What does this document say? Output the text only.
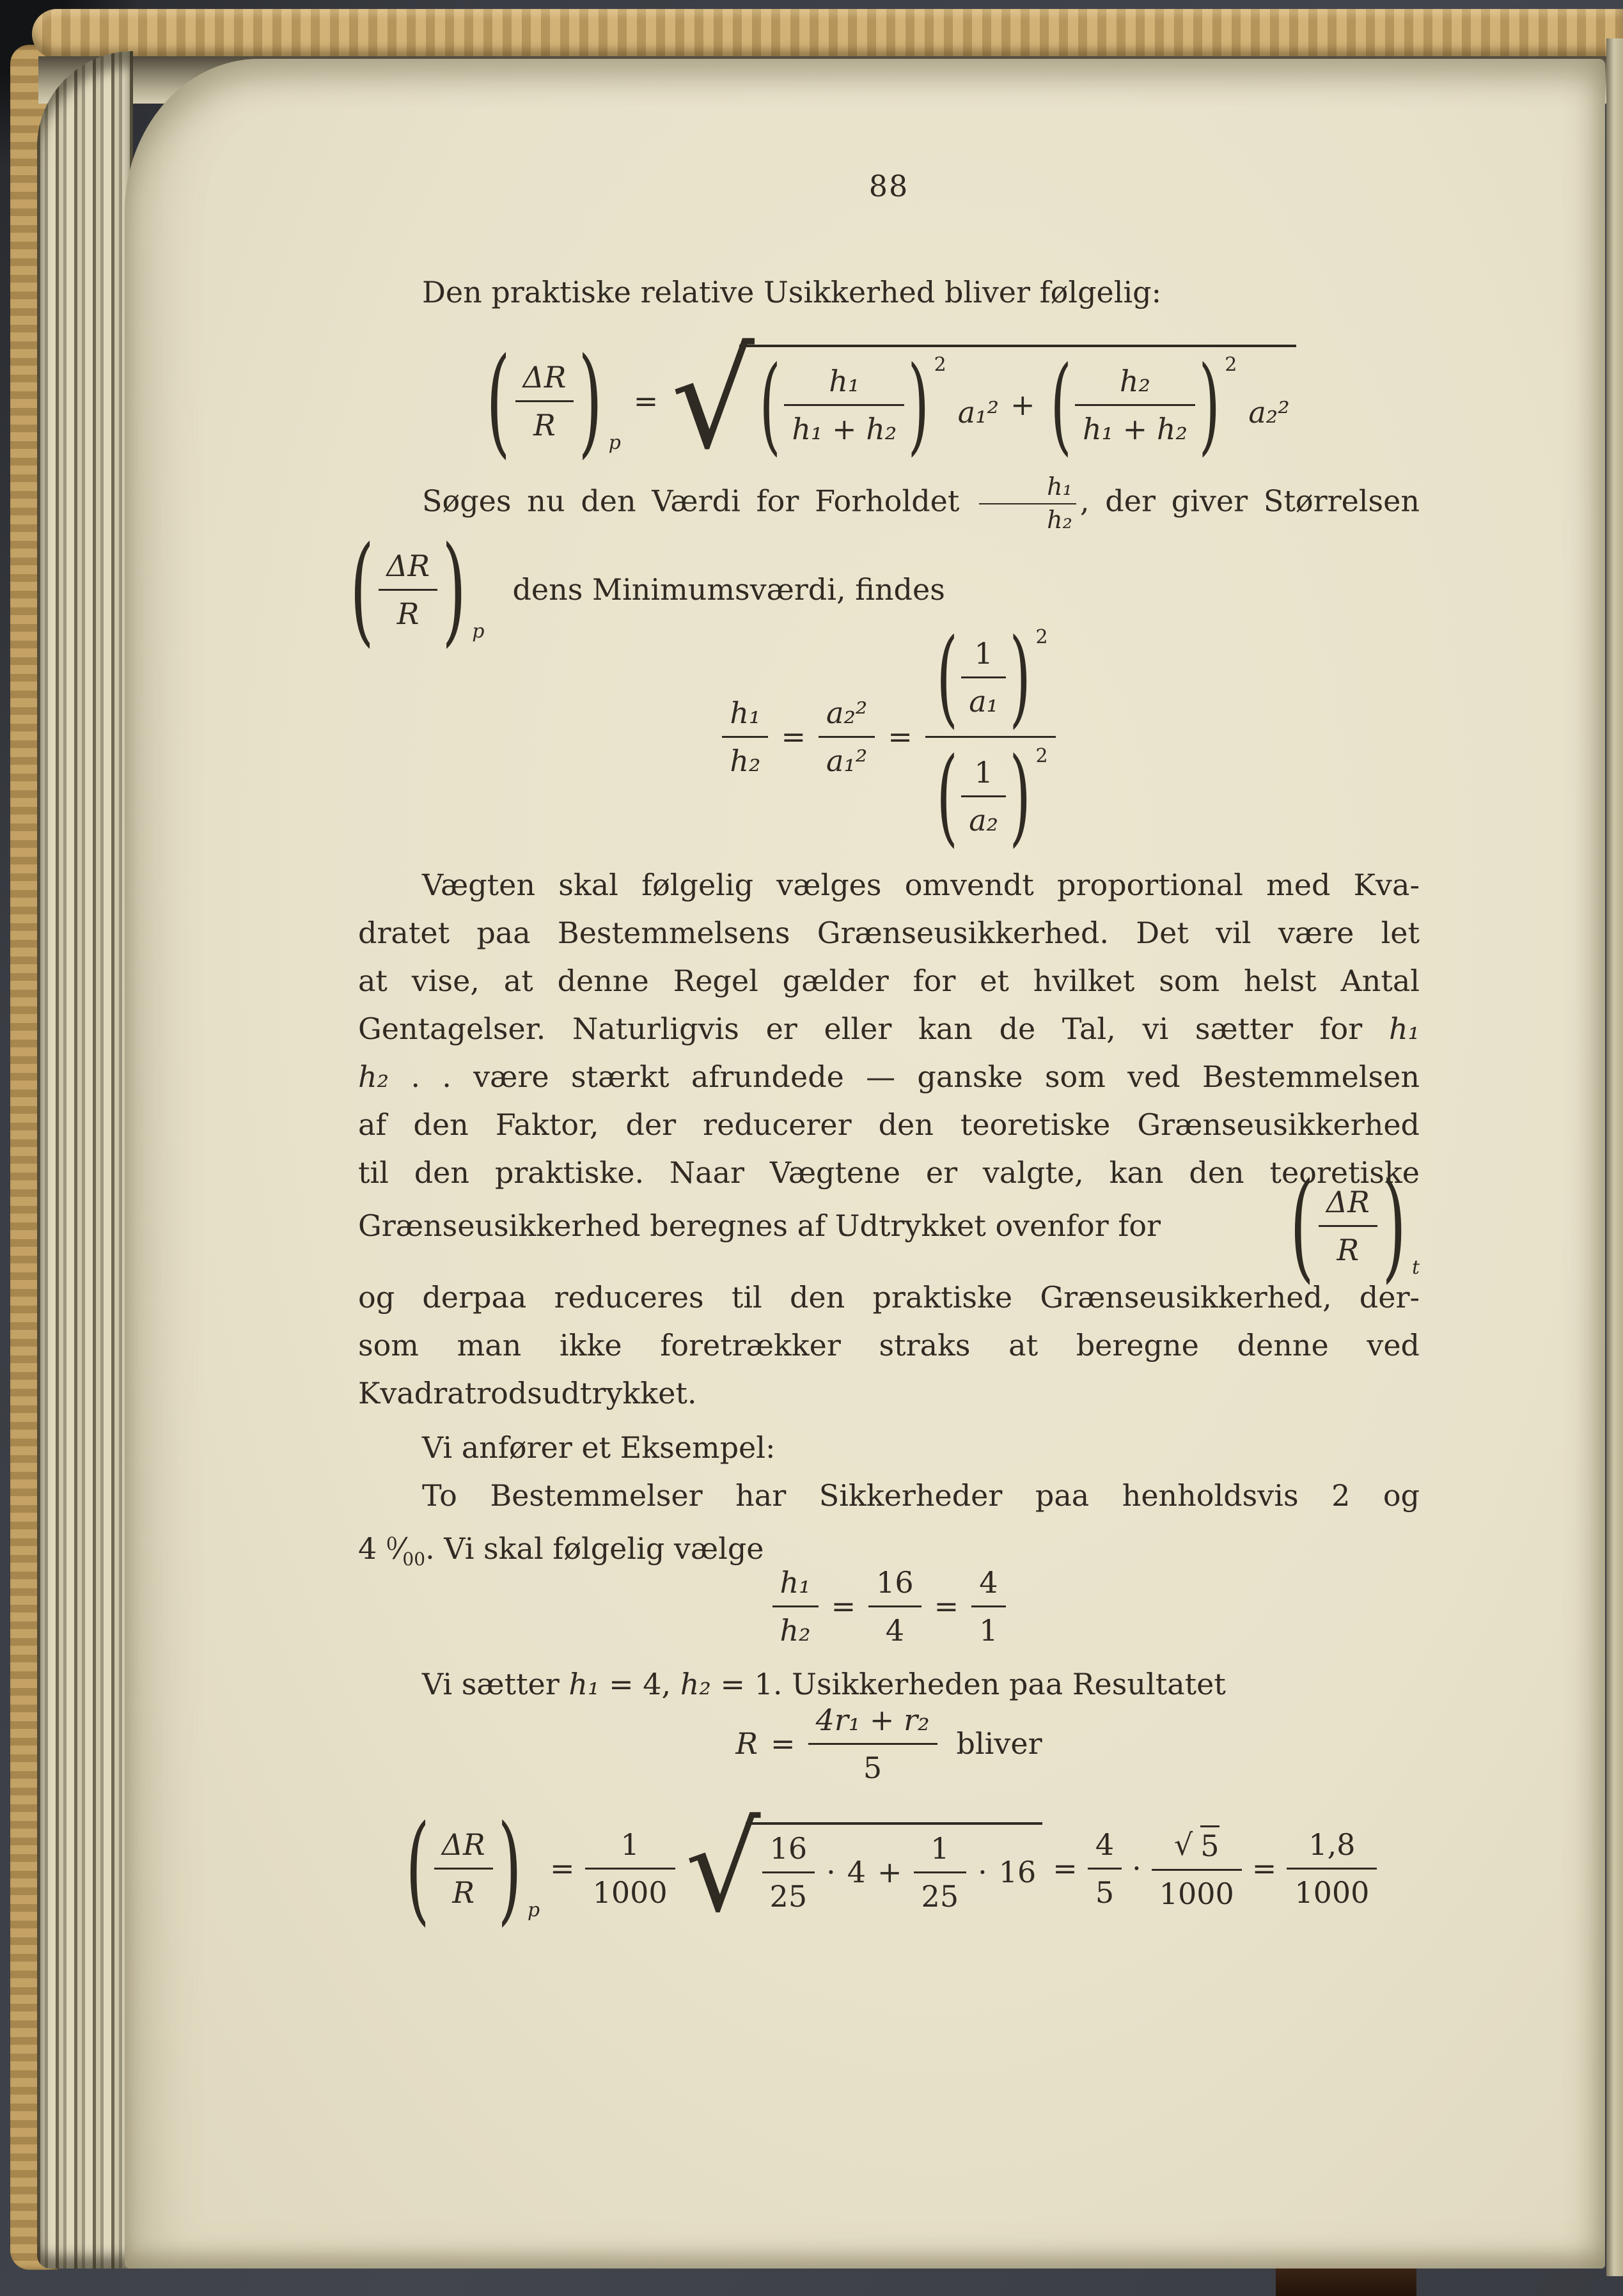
88
Den praktiske relative Usikkerhed bliver følgelig:
( $\frac{\Delta R}{R}$ ) p
= √ ( $\frac{\text{h₁}}{\text{h₁ + h₂}}$ ) 2
a₁² + ( $\frac{\text{h₂}}{\text{h₁ + h₂}}$ ) 2
a₂²
Søges nu den Værdi for Forholdet $\frac{\text{h₁}}{\text{h₂}}$ , der giver Størrelsen
( $\frac{\Delta R}{R}$ ) p
dens Minimumsværdi, findes
$\frac{\text{h₁}}{\text{h₂}} = \frac{\text{a₂²}}{\text{a₁²}} = \frac{( \frac{1}{\text{a₁}} ) 2}{( \frac{1}{\text{a₂}} ) 2}$
Vægten skal følgelig vælges omvendt proportional med Kva-
dratet paa Bestemmelsens Grænseusikkerhed. Det vil være let
at vise, at denne Regel gælder for et hvilket som helst Antal
Gentagelser. Naturligvis er eller kan de Tal, vi sætter for h₁
h₂ . . være stærkt afrundede — ganske som ved Bestemmelsen
af den Faktor, der reducerer den teoretiske Grænseusikkerhed
til den praktiske. Naar Vægtene er valgte, kan den teoretiske
Grænseusikkerhed beregnes af Udtrykket ovenfor for ( $\frac{\Delta R}{R}$ ) t
og derpaa reduceres til den praktiske Grænseusikkerhed, der-
som man ikke foretrækker straks at beregne denne ved
Kvadratrodsudtrykket.
Vi anfører et Eksempel:
To Bestemmelser har Sikkerheder paa henholdsvis 2 og
4 $^0⁄_{00}$. Vi skal følgelig vælge
$\frac{\text{h₁}}{\text{h₂}} = \frac{16}{4} = \frac{4}{1}$
Vi sætter h₁ = 4, h₂ = 1. Usikkerheden paa Resultatet
$R = \frac{\text{4r₁ + r₂}}{5}$ bliver
( $\frac{\Delta R}{R}$ ) p
= $\frac{1}{1000}$ √ $\frac{16}{25} \cdot 4 + \frac{1}{25} \cdot 16 = \frac{4}{5} \cdot \frac{√ 5}{1000} = \frac{1,8}{1000}$
